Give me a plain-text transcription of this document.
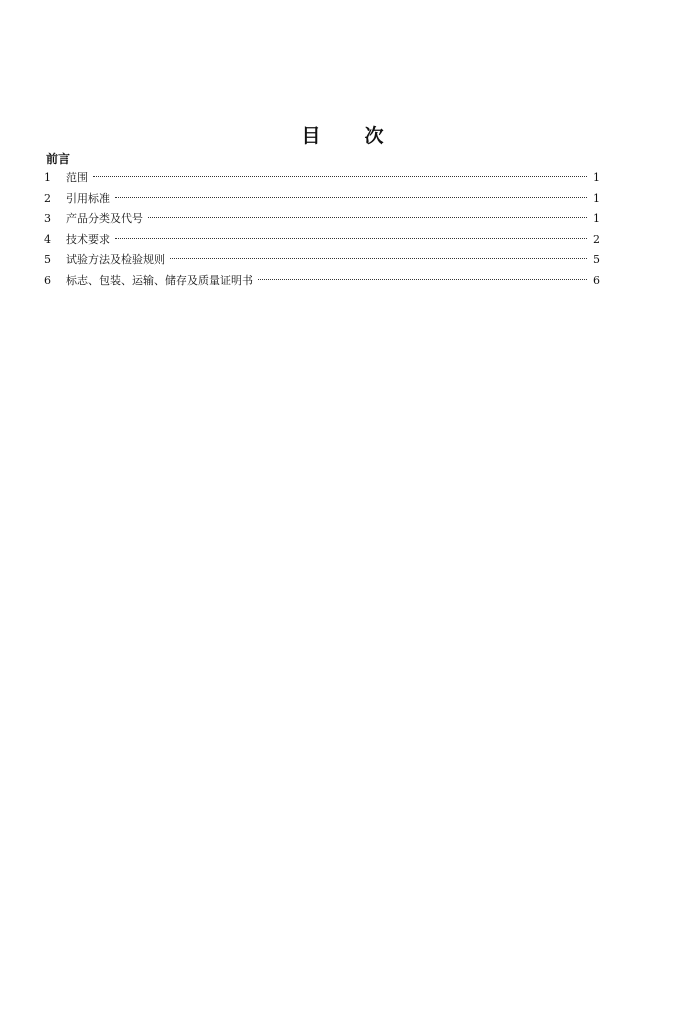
目 次
前言
1	范围	1
2	引用标准	1
3	产品分类及代号	1
4	技术要求	2
5	试验方法及检验规则	5
6	标志、包装、运输、储存及质量证明书	6
